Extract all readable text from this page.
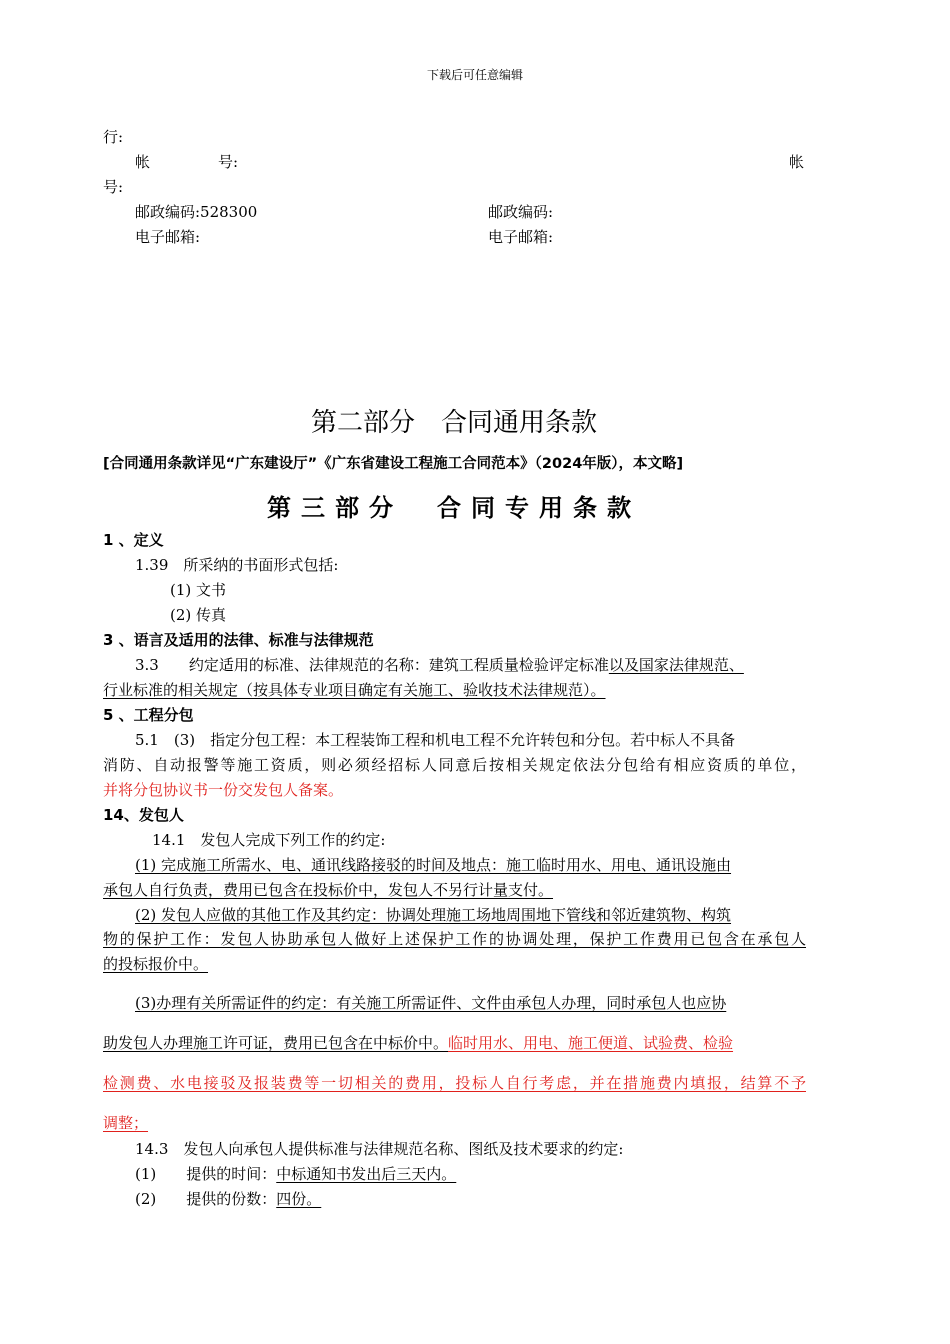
下载后可任意编辑
行:
帐	号:	帐
号:
邮政编码:528300	邮政编码:
电子邮箱:	电子邮箱:
第二部分　合同通用条款
[合同通用条款详见“广东建设厅”《广东省建设工程施工合同范本》（2024年版），本文略]
第三部分　合同专用条款
1 、定义
1.39　所采纳的书面形式包括:
(1) 文书
(2) 传真
3 、语言及适用的法律、标准与法律规范
3.3　　约定适用的标准、法律规范的名称：建筑工程质量检验评定标准以及国家法律规范、
行业标准的相关规定（按具体专业项目确定有关施工、验收技术法律规范）。
5 、工程分包
5.1　(3)　指定分包工程：本工程装饰工程和机电工程不允许转包和分包。若中标人不具备
消防、自动报警等施工资质，则必须经招标人同意后按相关规定依法分包给有相应资质的单位，
并将分包协议书一份交发包人备案。
14、发包人
14.1　发包人完成下列工作的约定:
(1) 完成施工所需水、电、通讯线路接驳的时间及地点：施工临时用水、用电、通讯设施由
承包人自行负责，费用已包含在投标价中，发包人不另行计量支付。
(2) 发包人应做的其他工作及其约定：协调处理施工场地周围地下管线和邻近建筑物、构筑
物的保护工作：发包人协助承包人做好上述保护工作的协调处理，保护工作费用已包含在承包人
的投标报价中。
(3)办理有关所需证件的约定：有关施工所需证件、文件由承包人办理，同时承包人也应协
助发包人办理施工许可证，费用已包含在中标价中。临时用水、用电、施工便道、试验费、检验
检测费、水电接驳及报装费等一切相关的费用，投标人自行考虑，并在措施费内填报，结算不予
调整；
14.3　发包人向承包人提供标准与法律规范名称、图纸及技术要求的约定:
(1)　　提供的时间：中标通知书发出后三天内。
(2)　　提供的份数：四份。
